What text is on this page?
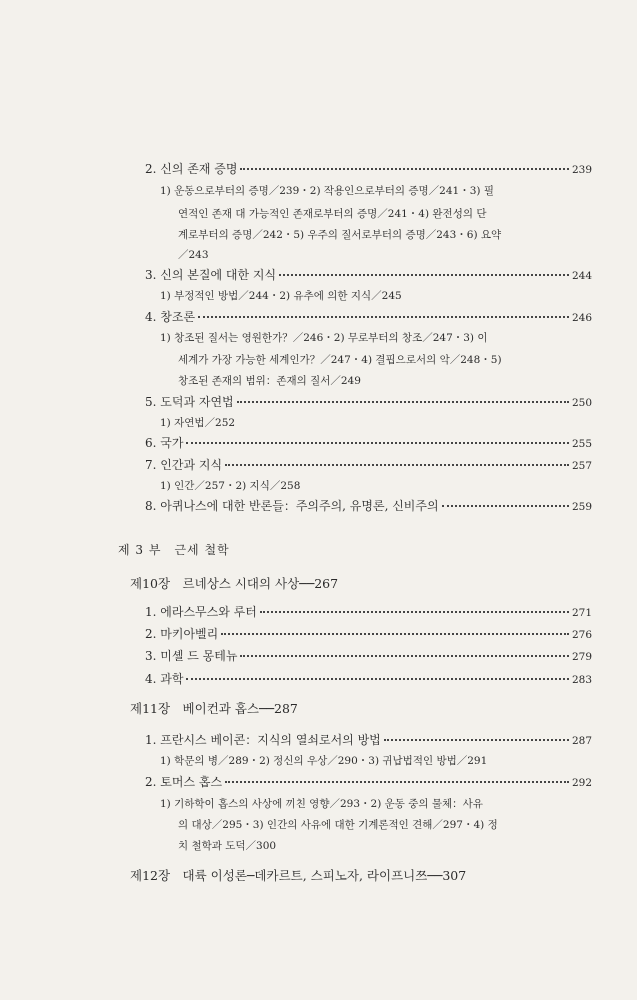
2. 신의 존재 증명	239
1) 운동으로부터의 증명／239・2) 작용인으로부터의 증명／241・3) 필
연적인 존재 대 가능적인 존재로부터의 증명／241・4) 완전성의 단
계로부터의 증명／242・5) 우주의 질서로부터의 증명／243・6) 요약
／243
3. 신의 본질에 대한 지식	244
1) 부정적인 방법／244・2) 유추에 의한 지식／245
4. 창조론	246
1) 창조된 질서는 영원한가？／246・2) 무로부터의 창조／247・3) 이
세계가 가장 가능한 세계인가？／247・4) 결핍으로서의 악／248・5)
창조된 존재의 범위：존재의 질서／249
5. 도덕과 자연법	250
1) 자연법／252
6. 국가	255
7. 인간과 지식	257
1) 인간／257・2) 지식／258
8. 아퀴나스에 대한 반론들：주의주의, 유명론, 신비주의	259
제 3 부　근세 철학
제10장　르네상스 시대의 사상──267
1. 에라스무스와 루터	271
2. 마키아벨리	276
3. 미셸 드 몽테뉴	279
4. 과학	283
제11장　베이컨과 홉스──287
1. 프란시스 베이콘：지식의 열쇠로서의 방법	287
1) 학문의 병／289・2) 정신의 우상／290・3) 귀납법적인 방법／291
2. 토머스 홉스	292
1) 기하학이 홉스의 사상에 끼친 영향／293・2) 운동 중의 물체：사유
의 대상／295・3) 인간의 사유에 대한 기계론적인 견해／297・4) 정
치 철학과 도덕／300
제12장　대륙 이성론─데카르트, 스피노자, 라이프니쯔──307
